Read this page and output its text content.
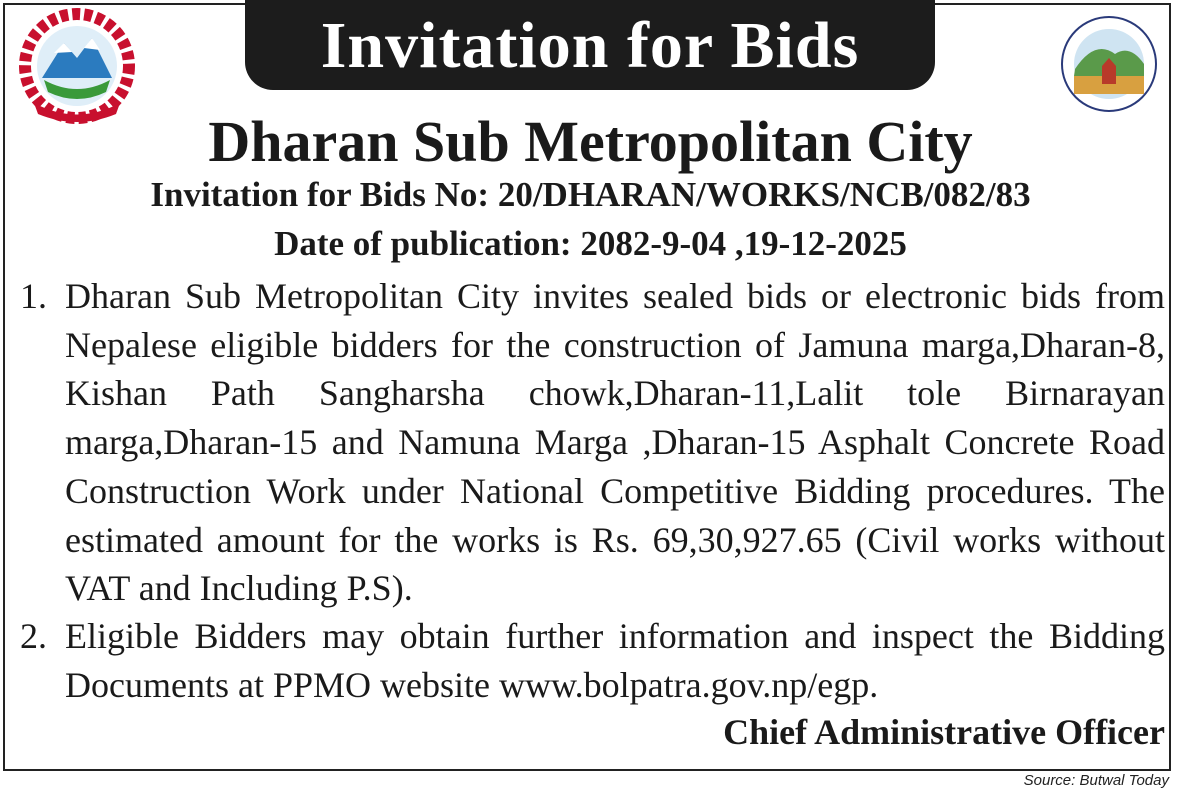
Invitation for Bids
Dharan Sub Metropolitan City
Invitation for Bids No: 20/DHARAN/WORKS/NCB/082/83
Date of publication: 2082-9-04 ,19-12-2025
1. Dharan Sub Metropolitan City invites sealed bids or electronic bids from Nepalese eligible bidders for the construction of Jamuna marga,Dharan-8, Kishan Path Sangharsha chowk,Dharan-11,Lalit tole Birnarayan marga,Dharan-15 and Namuna Marga ,Dharan-15 Asphalt Concrete Road Construction Work under National Competitive Bidding procedures. The estimated amount for the works is Rs. 69,30,927.65 (Civil works without VAT and Including P.S).
2. Eligible Bidders may obtain further information and inspect the Bidding Documents at PPMO website www.bolpatra.gov.np/egp.
Chief Administrative Officer
Source: Butwal Today
